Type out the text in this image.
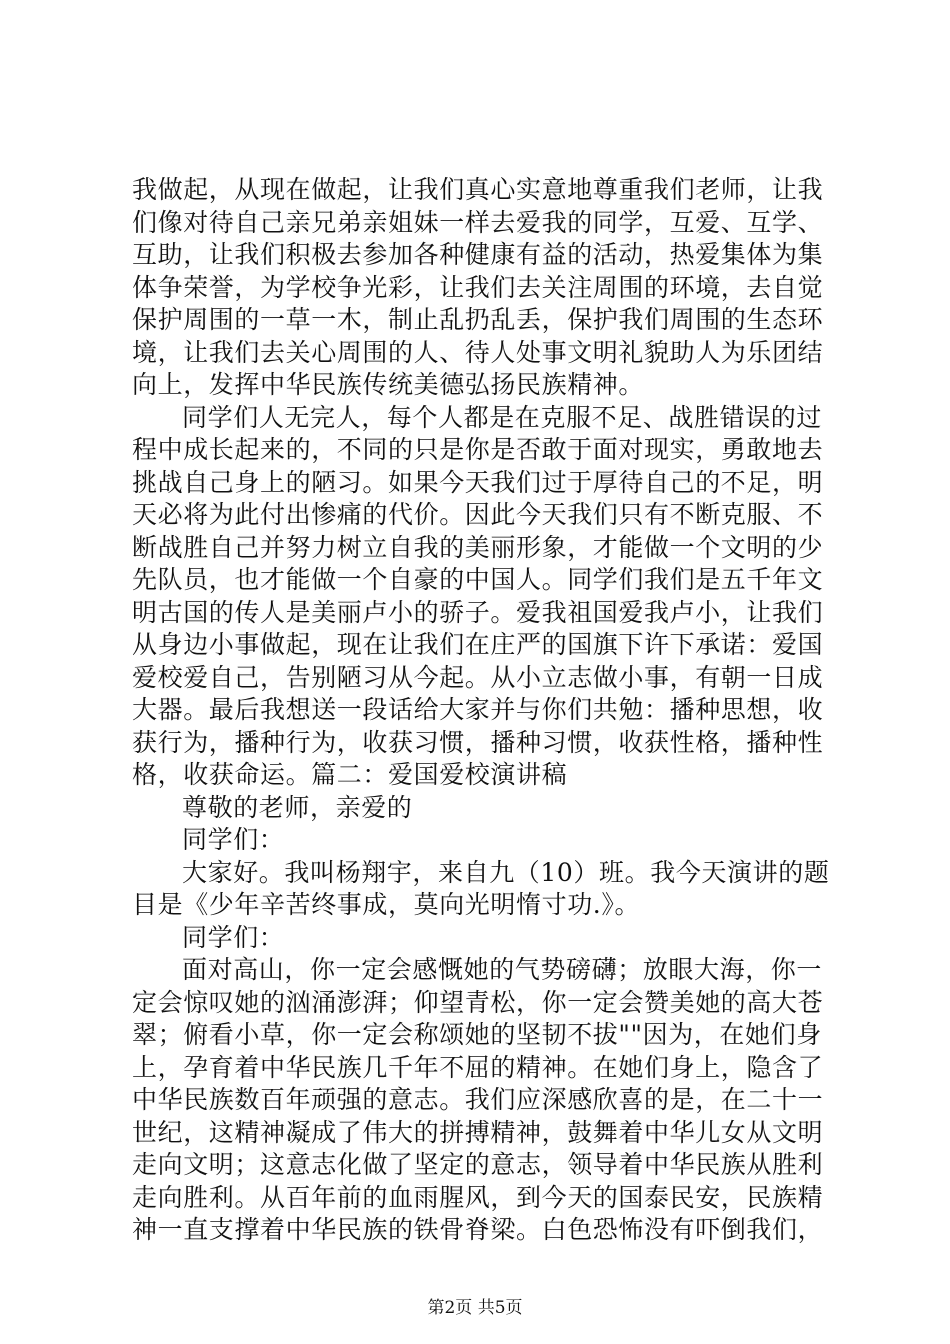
我做起，从现在做起，让我们真心实意地尊重我们老师，让我
们像对待自己亲兄弟亲姐妹一样去爱我的同学，互爱、互学、
互助，让我们积极去参加各种健康有益的活动，热爱集体为集
体争荣誉，为学校争光彩，让我们去关注周围的环境，去自觉
保护周围的一草一木，制止乱扔乱丢，保护我们周围的生态环
境，让我们去关心周围的人、待人处事文明礼貌助人为乐团结
向上，发挥中华民族传统美德弘扬民族精神。
同学们人无完人，每个人都是在克服不足、战胜错误的过
程中成长起来的，不同的只是你是否敢于面对现实，勇敢地去
挑战自己身上的陋习。如果今天我们过于厚待自己的不足，明
天必将为此付出惨痛的代价。因此今天我们只有不断克服、不
断战胜自己并努力树立自我的美丽形象，才能做一个文明的少
先队员，也才能做一个自豪的中国人。同学们我们是五千年文
明古国的传人是美丽卢小的骄子。爱我祖国爱我卢小，让我们
从身边小事做起，现在让我们在庄严的国旗下许下承诺：爱国
爱校爱自己，告别陋习从今起。从小立志做小事，有朝一日成
大器。最后我想送一段话给大家并与你们共勉：播种思想，收
获行为，播种行为，收获习惯，播种习惯，收获性格，播种性
格，收获命运。篇二：爱国爱校演讲稿
尊敬的老师，亲爱的
同学们：
大家好。我叫杨翔宇，来自九（10）班。我今天演讲的题
目是《少年辛苦终事成，莫向光明惰寸功.》。
同学们：
面对高山，你一定会感慨她的气势磅礴；放眼大海，你一
定会惊叹她的汹涌澎湃；仰望青松，你一定会赞美她的高大苍
翠；俯看小草，你一定会称颂她的坚韧不拔""因为，在她们身
上，孕育着中华民族几千年不屈的精神。在她们身上，隐含了
中华民族数百年顽强的意志。我们应深感欣喜的是，在二十一
世纪，这精神凝成了伟大的拼搏精神，鼓舞着中华儿女从文明
走向文明；这意志化做了坚定的意志，领导着中华民族从胜利
走向胜利。从百年前的血雨腥风，到今天的国泰民安，民族精
神一直支撑着中华民族的铁骨脊梁。白色恐怖没有吓倒我们，
第2页 共5页
